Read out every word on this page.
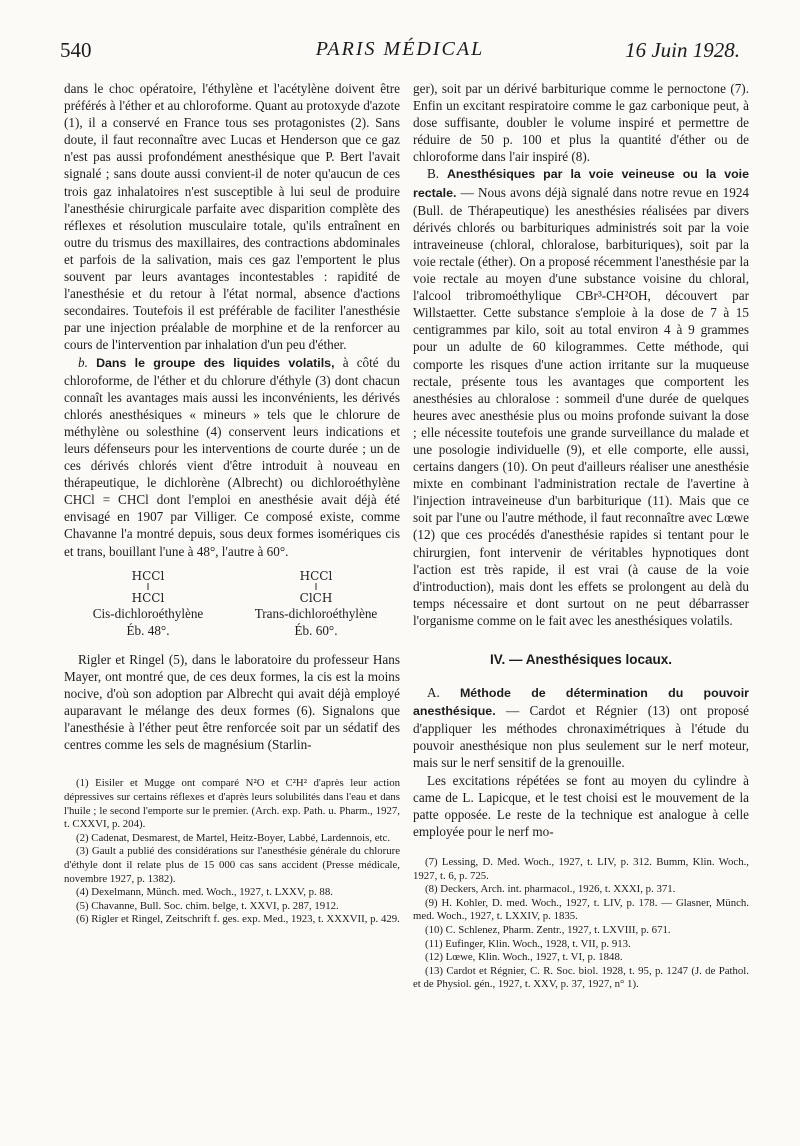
540	PARIS MÉDICAL	16 Juin 1928.

dans le choc opératoire, l'éthylène et l'acétylène doivent être préférés à l'éther et au chloroforme. Quant au protoxyde d'azote (1), il a conservé en France tous ses protagonistes (2). Sans doute, il faut reconnaître avec Lucas et Henderson que ce gaz n'est pas aussi profondément anesthésique que P. Bert l'avait signalé ; sans doute aussi convient-il de noter qu'aucun de ces trois gaz inhalatoires n'est susceptible à lui seul de produire l'anesthésie chirurgicale parfaite avec disparition complète des réflexes et résolution musculaire totale, qu'ils entraînent en outre du trismus des maxillaires, des contractions abdominales et parfois de la salivation, mais ces gaz l'emportent le plus souvent par leurs avantages incontestables : rapidité de l'anesthésie et du retour à l'état normal, absence d'actions secondaires. Toutefois il est préférable de faciliter l'anesthésie par une injection préalable de morphine et de la renforcer au cours de l'intervention par inhalation d'un peu d'éther.

b. Dans le groupe des liquides volatils, à côté du chloroforme, de l'éther et du chlorure d'éthyle (3) dont chacun connaît les avantages mais aussi les inconvénients, les dérivés chlorés anesthésiques « mineurs » tels que le chlorure de méthylène ou solesthine (4) conservent leurs indications et leurs défenseurs pour les interventions de courte durée ; un de ces dérivés chlorés vient d'être introduit à nouveau en thérapeutique, le dichlorène (Albrecht) ou dichloroéthylène CHCl = CHCl dont l'emploi en anesthésie avait déjà été envisagé en 1907 par Villiger. Ce composé existe, comme Chavanne l'a montré depuis, sous deux formes isomériques cis et trans, bouillant l'une à 48°, l'autre à 60°.

HCCl
‖
HCCl
Cis-dichloroéthylène
Éb. 48°.

HCCl
‖
ClCH
Trans-dichloroéthylène
Éb. 60°.

Rigler et Ringel (5), dans le laboratoire du professeur Hans Mayer, ont montré que, de ces deux formes, la cis est la moins nocive, d'où son adoption par Albrecht qui avait déjà employé auparavant le mélange des deux formes (6). Signalons que l'anesthésie à l'éther peut être renforcée soit par un sédatif des centres comme les sels de magnésium (Starlin-

(1) Eisiler et Mugge ont comparé N²O et C²H² d'après leur action dépressives sur certains réflexes et d'après leurs solubilités dans l'eau et dans l'huile ; le second l'emporte sur le premier. (Arch. exp. Path. u. Pharm., 1927, t. CXXVI, p. 204).

(2) Cadenat, Desmarest, de Martel, Heitz-Boyer, Labbé, Lardennois, etc.

(3) Gault a publié des considérations sur l'anesthésie générale du chlorure d'éthyle dont il relate plus de 15 000 cas sans accident (Presse médicale, novembre 1927, p. 1382).

(4) Dexelmann, Münch. med. Woch., 1927, t. LXXV, p. 88.

(5) Chavanne, Bull. Soc. chim. belge, t. XXVI, p. 287, 1912.

(6) Rigler et Ringel, Zeitschrift f. ges. exp. Med., 1923, t. XXXVII, p. 429.

ger), soit par un dérivé barbiturique comme le pernoctone (7). Enfin un excitant respiratoire comme le gaz carbonique peut, à dose suffisante, doubler le volume inspiré et permettre de réduire de 50 p. 100 et plus la quantité d'éther ou de chloroforme dans l'air inspiré (8).

B. Anesthésiques par la voie veineuse ou la voie rectale. — Nous avons déjà signalé dans notre revue en 1924 (Bull. de Thérapeutique) les anesthésies réalisées par divers dérivés chlorés ou barbituriques administrés soit par la voie intraveineuse (chloral, chloralose, barbituriques), soit par la voie rectale (éther). On a proposé récemment l'anesthésie par la voie rectale au moyen d'une substance voisine du chloral, l'alcool tribromoéthylique CBr³-CH²OH, découvert par Willstaetter. Cette substance s'emploie à la dose de 7 à 15 centigrammes par kilo, soit au total environ 4 à 9 grammes pour un adulte de 60 kilogrammes. Cette méthode, qui comporte les risques d'une action irritante sur la muqueuse rectale, présente tous les avantages que comportent les anesthésies au chloralose : sommeil d'une durée de quelques heures avec anesthésie plus ou moins profonde suivant la dose ; elle nécessite toutefois une grande surveillance du malade et une posologie individuelle (9), et elle comporte, elle aussi, certains dangers (10). On peut d'ailleurs réaliser une anesthésie mixte en combinant l'administration rectale de l'avertine à l'injection intraveineuse d'un barbiturique (11). Mais que ce soit par l'une ou l'autre méthode, il faut reconnaître avec Lœwe (12) que ces procédés d'anesthésie rapides si tentant pour le chirurgien, font intervenir de véritables hypnotiques dont l'action est très rapide, il est vrai (à cause de la voie d'introduction), mais dont les effets se prolongent au delà du temps nécessaire et dont surtout on ne peut débarrasser l'organisme comme on le fait avec les anesthésiques volatils.

IV. — Anesthésiques locaux.

A. Méthode de détermination du pouvoir anesthésique. — Cardot et Régnier (13) ont proposé d'appliquer les méthodes chronaximétriques à l'étude du pouvoir anesthésique non plus seulement sur le nerf moteur, mais sur le nerf sensitif de la grenouille.

Les excitations répétées se font au moyen du cylindre à came de L. Lapicque, et le test choisi est le mouvement de la patte opposée. Le reste de la technique est analogue à celle employée pour le nerf mo-

(7) Lessing, D. Med. Woch., 1927, t. LIV, p. 312. Bumm, Klin. Woch., 1927, t. 6, p. 725.

(8) Deckers, Arch. int. pharmacol., 1926, t. XXXI, p. 371.

(9) H. Kohler, D. med. Woch., 1927, t. LIV, p. 178. — Glasner, Münch. med. Woch., 1927, t. LXXIV, p. 1835.

(10) C. Schlenez, Pharm. Zentr., 1927, t. LXVIII, p. 671.

(11) Eufinger, Klin. Woch., 1928, t. VII, p. 913.

(12) Lœwe, Klin. Woch., 1927, t. VI, p. 1848.

(13) Cardot et Régnier, C. R. Soc. biol. 1928, t. 95, p. 1247 (J. de Pathol. et de Physiol. gén., 1927, t. XXV, p. 37, 1927, n° 1).
